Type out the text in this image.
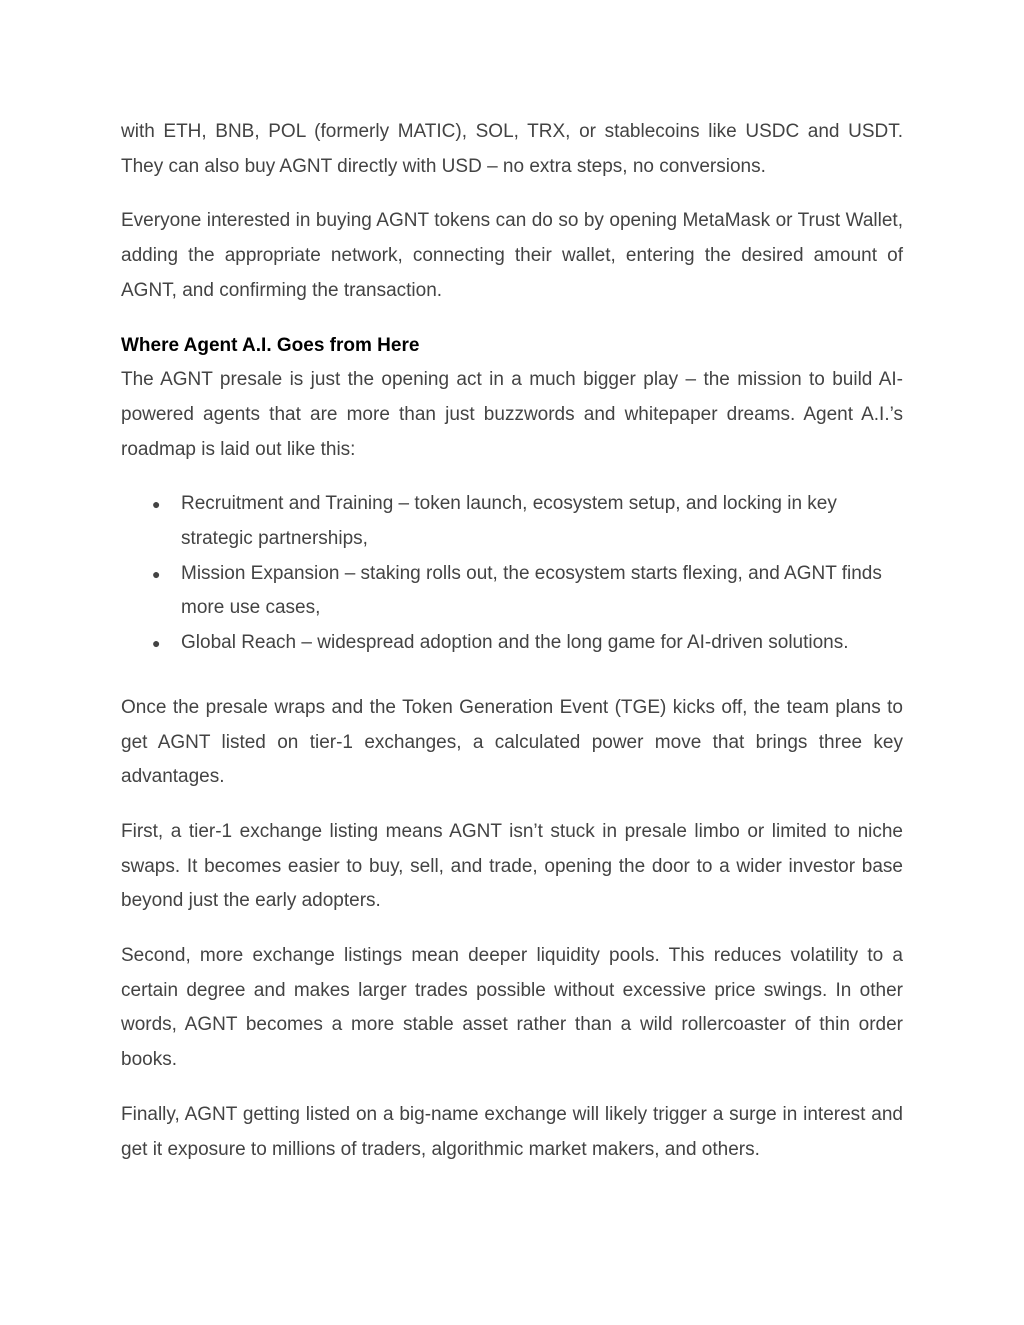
with ETH, BNB, POL (formerly MATIC), SOL, TRX, or stablecoins like USDC and USDT. They can also buy AGNT directly with USD – no extra steps, no conversions.

Everyone interested in buying AGNT tokens can do so by opening MetaMask or Trust Wallet, adding the appropriate network, connecting their wallet, entering the desired amount of AGNT, and confirming the transaction.

Where Agent A.I. Goes from Here

The AGNT presale is just the opening act in a much bigger play – the mission to build AI-powered agents that are more than just buzzwords and whitepaper dreams. Agent A.I.’s roadmap is laid out like this:

● Recruitment and Training – token launch, ecosystem setup, and locking in key strategic partnerships,
● Mission Expansion – staking rolls out, the ecosystem starts flexing, and AGNT finds more use cases,
● Global Reach – widespread adoption and the long game for AI-driven solutions.

Once the presale wraps and the Token Generation Event (TGE) kicks off, the team plans to get AGNT listed on tier-1 exchanges, a calculated power move that brings three key advantages.

First, a tier-1 exchange listing means AGNT isn’t stuck in presale limbo or limited to niche swaps. It becomes easier to buy, sell, and trade, opening the door to a wider investor base beyond just the early adopters.

Second, more exchange listings mean deeper liquidity pools. This reduces volatility to a certain degree and makes larger trades possible without excessive price swings. In other words, AGNT becomes a more stable asset rather than a wild rollercoaster of thin order books.

Finally, AGNT getting listed on a big-name exchange will likely trigger a surge in interest and get it exposure to millions of traders, algorithmic market makers, and others.
